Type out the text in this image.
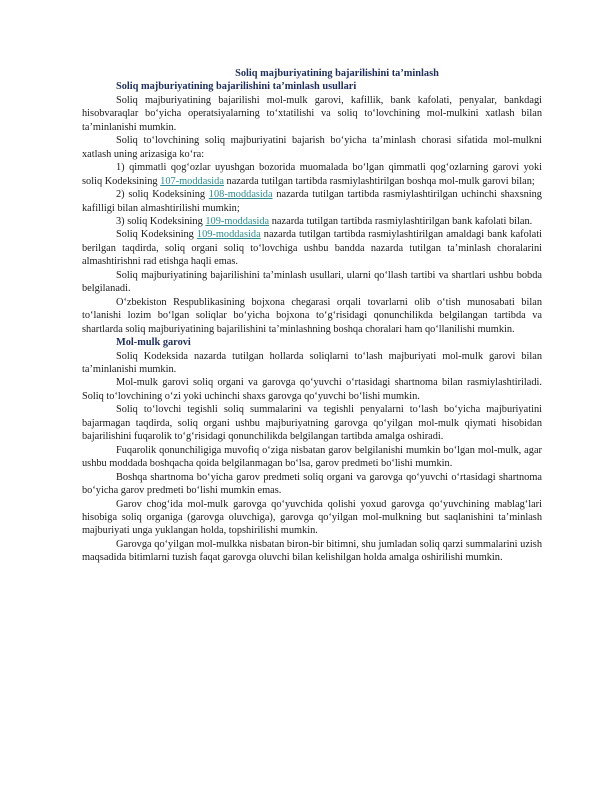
Soliq majburiyatining bajarilishini ta’minlash
Soliq majburiyatining bajarilishini ta’minlash usullari

Soliq majburiyatining bajarilishi mol-mulk garovi, kafillik, bank kafolati, penyalar, bankdagi hisobvaraqlar bo‘yicha operatsiyalarning to‘xtatilishi va soliq to‘lovchining mol-mulkini xatlash bilan ta’minlanishi mumkin.

Soliq to‘lovchining soliq majburiyatini bajarish bo‘yicha ta’minlash chorasi sifatida mol-mulkni xatlash uning arizasiga ko‘ra:

1) qimmatli qog‘ozlar uyushgan bozorida muomalada bo‘lgan qimmatli qog‘ozlarning garovi yoki soliq Kodeksining 107-moddasida nazarda tutilgan tartibda rasmiylashtirilgan boshqa mol-mulk garovi bilan;

2) soliq Kodeksining 108-moddasida nazarda tutilgan tartibda rasmiylashtirilgan uchinchi shaxsning kafilligi bilan almashtirilishi mumkin;

3) soliq Kodeksining 109-moddasida nazarda tutilgan tartibda rasmiylashtirilgan bank kafolati bilan.

Soliq Kodeksining 109-moddasida nazarda tutilgan tartibda rasmiylashtirilgan amaldagi bank kafolati berilgan taqdirda, soliq organi soliq to‘lovchiga ushbu bandda nazarda tutilgan ta’minlash choralarini almashtirishni rad etishga haqli emas.

Soliq majburiyatining bajarilishini ta’minlash usullari, ularni qo‘llash tartibi va shartlari ushbu bobda belgilanadi.

O‘zbekiston Respublikasining bojxona chegarasi orqali tovarlarni olib o‘tish munosabati bilan to‘lanishi lozim bo‘lgan soliqlar bo‘yicha bojxona to‘g‘risidagi qonunchilikda belgilangan tartibda va shartlarda soliq majburiyatining bajarilishini ta’minlashning boshqa choralari ham qo‘llanilishi mumkin.

Mol-mulk garovi

Soliq Kodeksida nazarda tutilgan hollarda soliqlarni to‘lash majburiyati mol-mulk garovi bilan ta’minlanishi mumkin.

Mol-mulk garovi soliq organi va garovga qo‘yuvchi o‘rtasidagi shartnoma bilan rasmiylashtiriladi. Soliq to‘lovchining o‘zi yoki uchinchi shaxs garovga qo‘yuvchi bo‘lishi mumkin.

Soliq to‘lovchi tegishli soliq summalarini va tegishli penyalarni to‘lash bo‘yicha majburiyatini bajarmagan taqdirda, soliq organi ushbu majburiyatning garovga qo‘yilgan mol-mulk qiymati hisobidan bajarilishini fuqarolik to‘g‘risidagi qonunchilikda belgilangan tartibda amalga oshiradi.

Fuqarolik qonunchiligiga muvofiq o‘ziga nisbatan garov belgilanishi mumkin bo‘lgan mol-mulk, agar ushbu moddada boshqacha qoida belgilanmagan bo‘lsa, garov predmeti bo‘lishi mumkin.

Boshqa shartnoma bo‘yicha garov predmeti soliq organi va garovga qo‘yuvchi o‘rtasidagi shartnoma bo‘yicha garov predmeti bo‘lishi mumkin emas.

Garov chog‘ida mol-mulk garovga qo‘yuvchida qolishi yoxud garovga qo‘yuvchining mablag‘lari hisobiga soliq organiga (garovga oluvchiga), garovga qo‘yilgan mol-mulkning but saqlanishini ta’minlash majburiyati unga yuklangan holda, topshirilishi mumkin.

Garovga qo‘yilgan mol-mulkka nisbatan biron-bir bitimni, shu jumladan soliq qarzi summalarini uzish maqsadida bitimlarni tuzish faqat garovga oluvchi bilan kelishilgan holda amalga oshirilishi mumkin.
